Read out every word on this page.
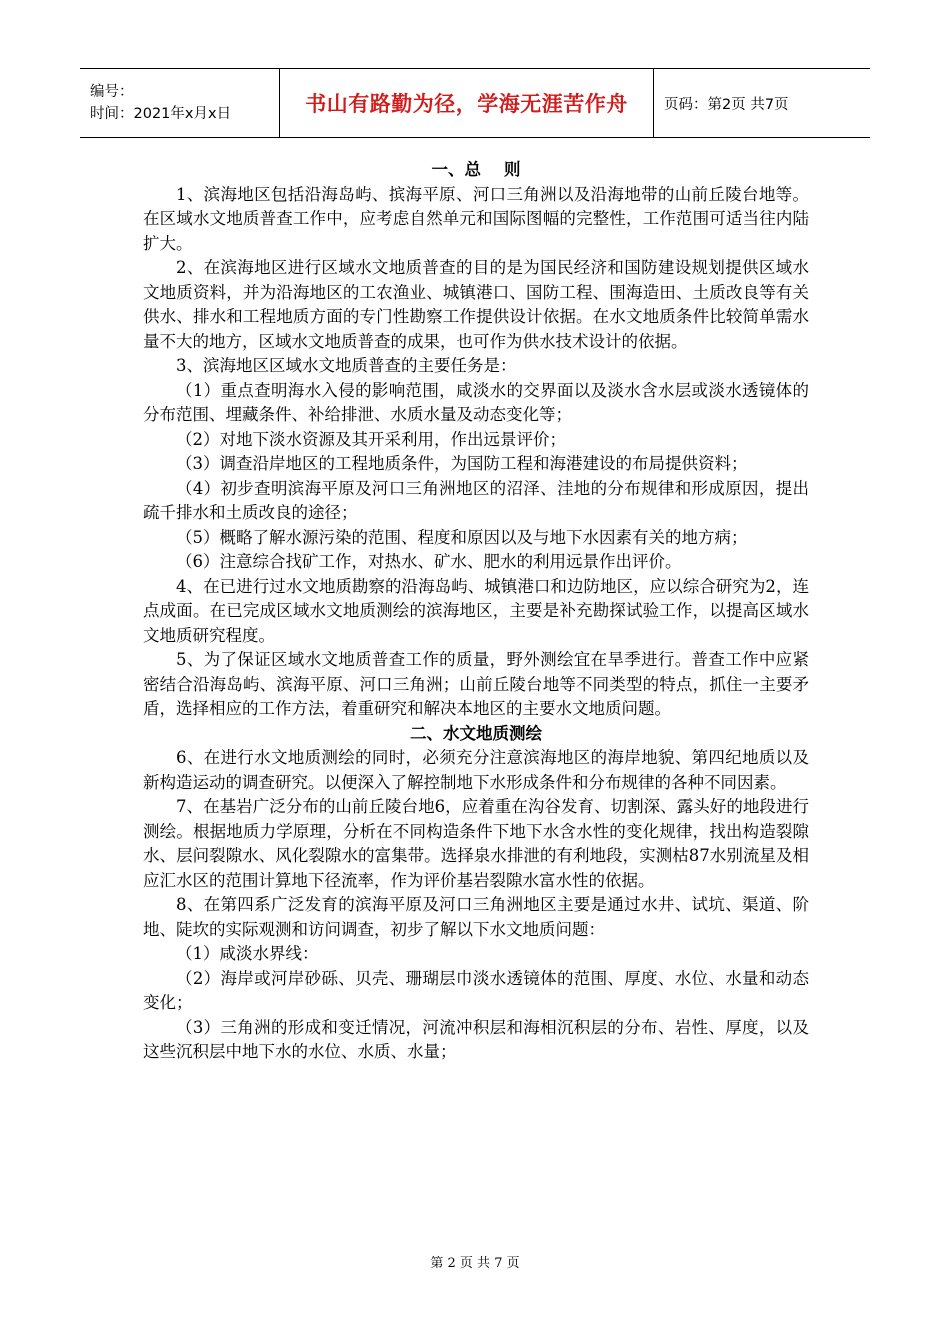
编号：
时间：2021年x月x日	书山有路勤为径，学海无涯苦作舟	页码：第2页 共7页

一、总    则

1、滨海地区包括沿海岛屿、摈海平原、河口三角洲以及沿海地带的山前丘陵台地等。在区域水文地质普查工作中，应考虑自然单元和国际图幅的完整性，工作范围可适当往内陆扩大。

2、在滨海地区进行区域水文地质普查的目的是为国民经济和国防建设规划提供区域水文地质资料，并为沿海地区的工农渔业、城镇港口、国防工程、围海造田、土质改良等有关供水、排水和工程地质方面的专门性勘察工作提供设计依据。在水文地质条件比较简单需水量不大的地方，区域水文地质普查的成果，也可作为供水技术设计的依据。

3、滨海地区区域水文地质普查的主要任务是：

（1）重点查明海水入侵的影响范围，咸淡水的交界面以及淡水含水层或淡水透镜体的分布范围、埋藏条件、补给排泄、水质水量及动态变化等；

（2）对地下淡水资源及其开采利用，作出远景评价；

（3）调查沿岸地区的工程地质条件，为国防工程和海港建设的布局提供资料；

（4）初步查明滨海平原及河口三角洲地区的沼泽、洼地的分布规律和形成原因，提出疏千排水和土质改良的途径；

（5）概略了解水源污染的范围、程度和原因以及与地下水因素有关的地方病；

（6）注意综合找矿工作，对热水、矿水、肥水的利用远景作出评价。

4、在已进行过水文地质勘察的沿海岛屿、城镇港口和边防地区，应以综合研究为2，连点成面。在已完成区域水文地质测绘的滨海地区，主要是补充勘探试验工作，以提高区域水文地质研究程度。

5、为了保证区域水文地质普查工作的质量，野外测绘宜在旱季进行。普查工作中应紧密结合沿海岛屿、滨海平原、河口三角洲；山前丘陵台地等不同类型的特点，抓住一主要矛盾，选择相应的工作方法，着重研究和解决本地区的主要水文地质问题。

二、水文地质测绘

6、在进行水文地质测绘的同时，必须充分注意滨海地区的海岸地貌、第四纪地质以及新构造运动的调查研究。以便深入了解控制地下水形成条件和分布规律的各种不同因素。

7、在基岩广泛分布的山前丘陵台地6，应着重在沟谷发育、切割深、露头好的地段进行测绘。根据地质力学原理，分析在不同构造条件下地下水含水性的变化规律，找出构造裂隙水、层问裂隙水、风化裂隙水的富集带。选择泉水排泄的有利地段，实测枯87水别流星及相应汇水区的范围计算地下径流率，作为评价基岩裂隙水富水性的依据。

8、在第四系广泛发育的滨海平原及河口三角洲地区主要是通过水井、试坑、渠道、阶地、陡坎的实际观测和访问调查，初步了解以下水文地质问题：

（1）咸淡水界线：

（2）海岸或河岸砂砾、贝壳、珊瑚层巾淡水透镜体的范围、厚度、水位、水量和动态变化；

（3）三角洲的形成和变迁情况，河流冲积层和海相沉积层的分布、岩性、厚度，以及这些沉积层中地下水的水位、水质、水量；

第 2 页 共 7 页
